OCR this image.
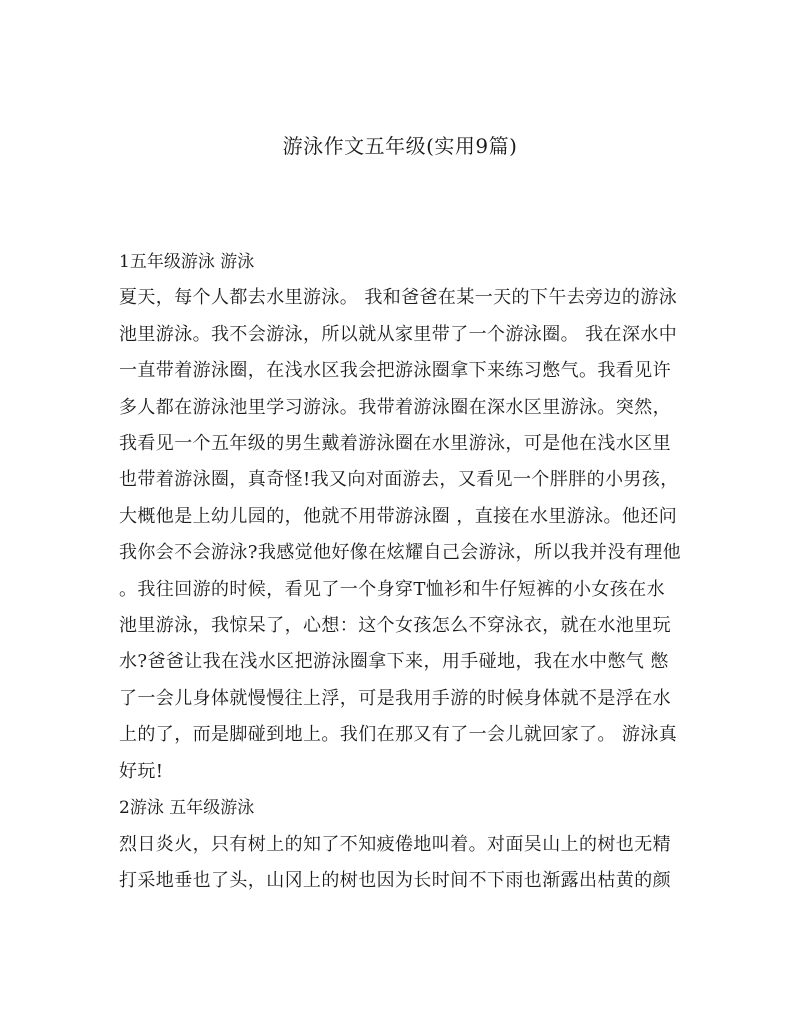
游泳作文五年级(实用9篇)
1五年级游泳 游泳
夏天，每个人都去水里游泳。 我和爸爸在某一天的下午去旁边的游泳
池里游泳。我不会游泳，所以就从家里带了一个游泳圈。 我在深水中
一直带着游泳圈，在浅水区我会把游泳圈拿下来练习憋气。我看见许
多人都在游泳池里学习游泳。我带着游泳圈在深水区里游泳。突然，
我看见一个五年级的男生戴着游泳圈在水里游泳，可是他在浅水区里
也带着游泳圈，真奇怪!我又向对面游去，又看见一个胖胖的小男孩，
大概他是上幼儿园的，他就不用带游泳圈 ，直接在水里游泳。他还问
我你会不会游泳?我感觉他好像在炫耀自己会游泳，所以我并没有理他
。我往回游的时候，看见了一个身穿T恤衫和牛仔短裤的小女孩在水
池里游泳，我惊呆了，心想：这个女孩怎么不穿泳衣，就在水池里玩
水?爸爸让我在浅水区把游泳圈拿下来，用手碰地，我在水中憋气 憋
了一会儿身体就慢慢往上浮，可是我用手游的时候身体就不是浮在水
上的了，而是脚碰到地上。我们在那又有了一会儿就回家了。 游泳真
好玩!
2游泳 五年级游泳
烈日炎火，只有树上的知了不知疲倦地叫着。对面吴山上的树也无精
打采地垂也了头，山冈上的树也因为长时间不下雨也渐露出枯黄的颜
